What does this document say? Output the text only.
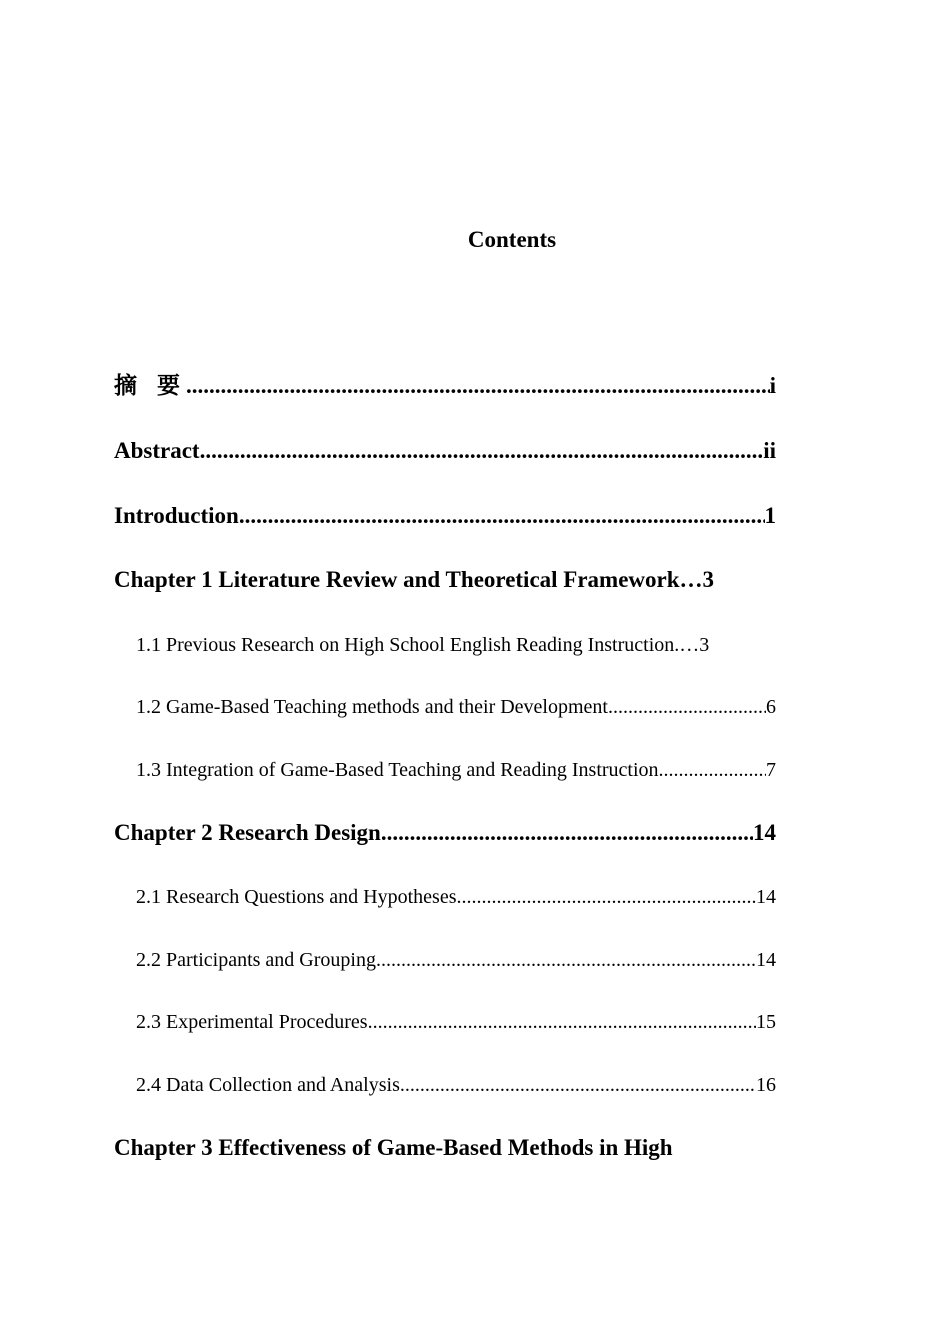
Contents
摘 要 .....	i
Abstract .....	ii
Introduction .....	1
Chapter 1 Literature Review and Theoretical Framework… 3
1.1 Previous Research on High School English Reading Instruction.… 3
1.2 Game-Based Teaching methods and their Development .....	6
1.3 Integration of Game-Based Teaching and Reading Instruction .....	7
Chapter 2 Research Design .....	14
2.1 Research Questions and Hypotheses .....	14
2.2 Participants and Grouping .....	14
2.3 Experimental Procedures .....	15
2.4 Data Collection and Analysis .....	16
Chapter 3 Effectiveness of Game-Based Methods in High
